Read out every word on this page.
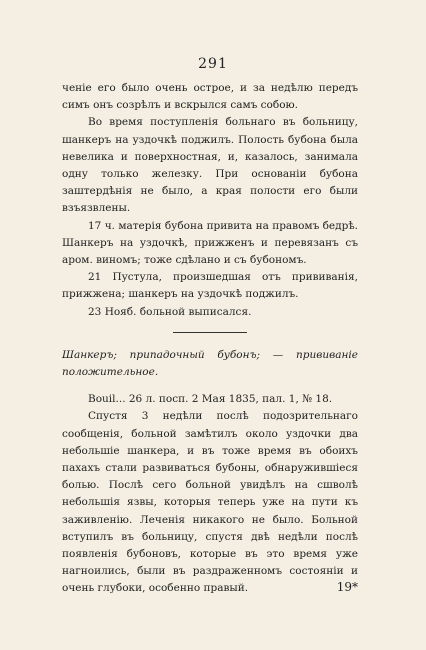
291

ченіе его было очень острое, и за недѣлю передъ симъ онъ созрѣлъ и вскрылся самъ собою.

Во время поступленія больнаго въ больницу, шанкеръ на уздочкѣ поджилъ. Полость бубона была невелика и поверхностная, и, казалось, занимала одну только железку. При основаніи бубона заштердѣнія не было, а края полости его были взъязвлены.

17 ч. матерія бубона привита на правомъ бедрѣ. Шанкеръ на уздочкѣ, прижженъ и перевязанъ съ аром. виномъ; тоже сдѣлано и съ бубономъ.

21 Пустула, произшедшая отъ прививанія, прижжена; шанкеръ на уздочкѣ поджилъ.

23 Нояб. больной выписался.

Шанкеръ; припадочный бубонъ; — прививаніе положительное.

Bouil... 26 л. посп. 2 Мая 1835, пал. 1, № 18.

Спустя 3 недѣли послѣ подозрительнаго сообщенія, больной замѣтилъ около уздочки два небольшіе шанкера, и въ тоже время въ обоихъ пахахъ стали развиваться бубоны, обнаружившіеся болью. Послѣ сего больной увидѣлъ на сшволѣ небольшія язвы, которыя теперь уже на пути къ заживленію. Леченія никакого не было. Больной вступилъ въ больницу, спустя двѣ недѣли послѣ появленія бубоновъ, которые въ это время уже нагноились, были въ раздраженномъ состояніи и очень глубоки, особенно правый.	19*
